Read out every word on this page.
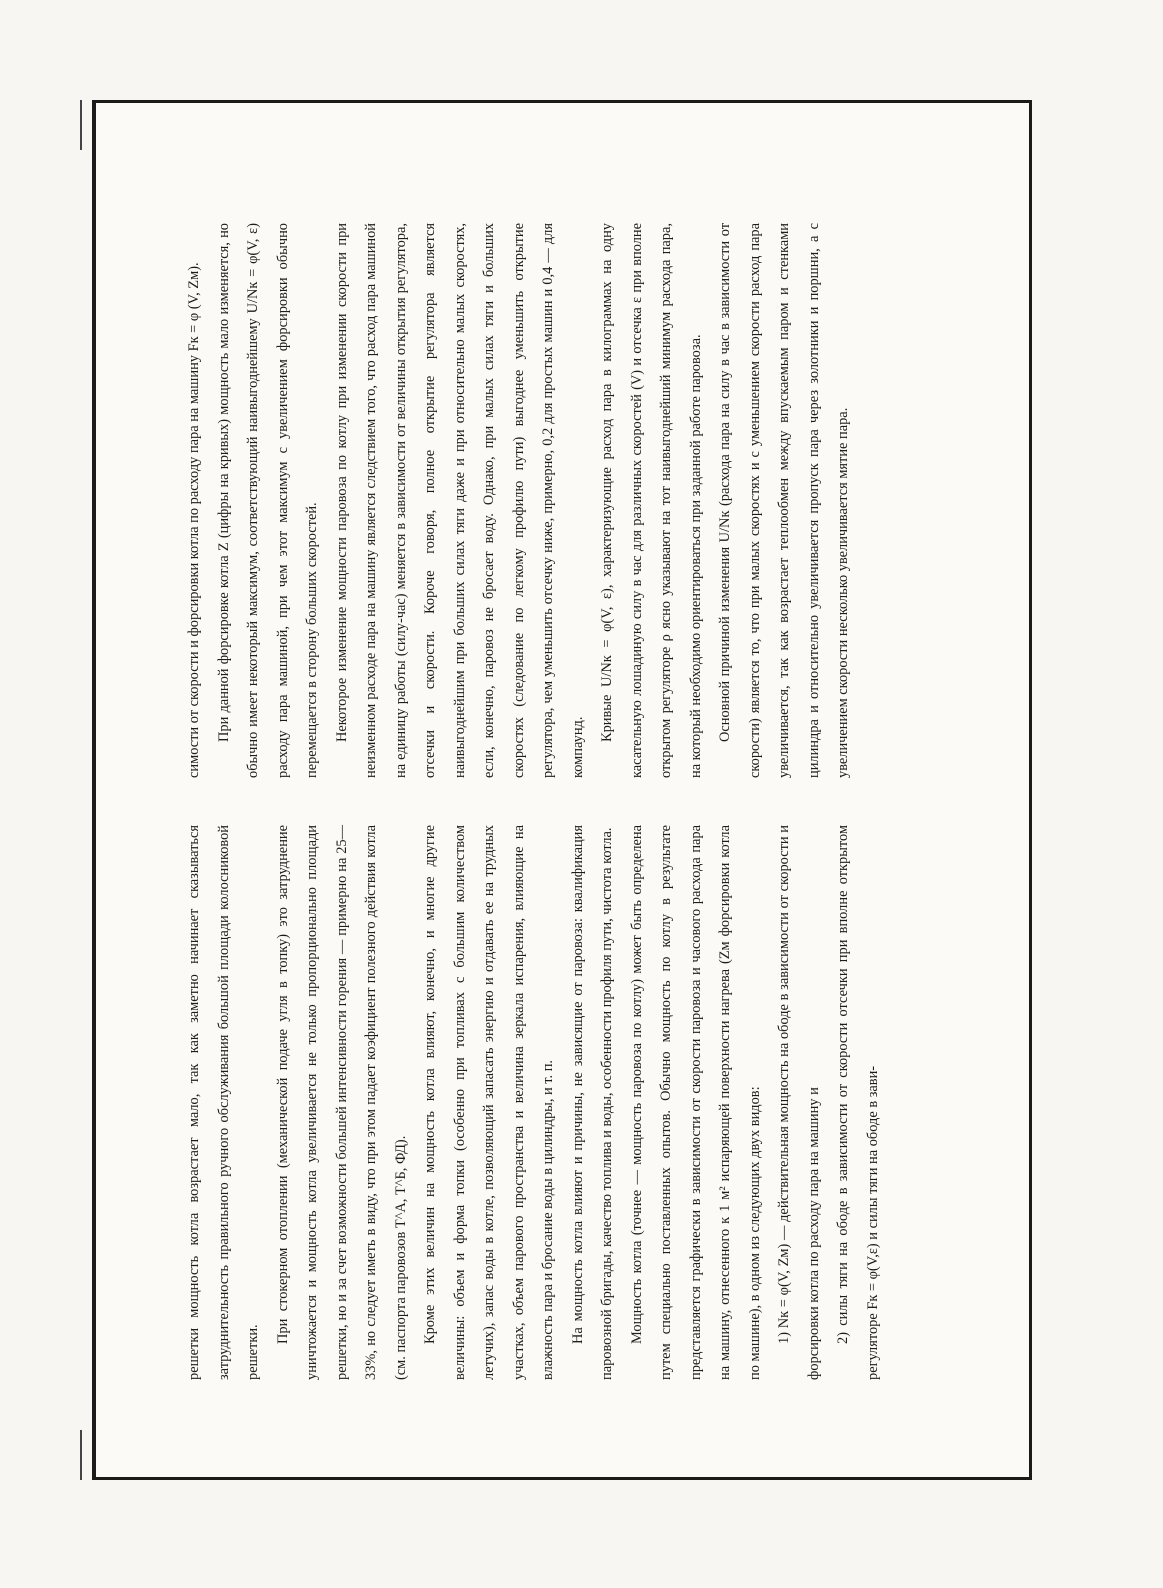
решетки мощность котла возрастает мало, так как заметно начинает сказываться затруднительность правильного ручного обслуживания большой площади колосниковой решетки.

При стокерном отоплении (механической подаче угля в топку) это затруднение уничтожается и мощность котла увеличивается не только пропорционально площади решетки, но и за счет возможности большей интенсивности горения — примерно на 25—33%, но следует иметь в виду, что при этом падает коэфициент полезного действия котла (см. паспорта паровозов Т^А, Т^Б, ФД). Кроме этих величин на мощность котла влияют, конечно, и многие другие величины: объем и форма топки (особенно при топливах с большим количеством летучих), запас воды в котле, позволяющий запасать энергию и отдавать ее на трудных участках, объем парового пространства и величина зеркала испарения, влияющие на влажность пара и бросание воды в цилиндры, и т. п. На мощность котла влияют и причины, не зависящие от паровоза: квалификация паровозной бригады, качество топлива и воды, особенности профиля пути, чистота котла. Мощность котла (точнее — мощность паровоза по котлу) может быть определена путем специально поставленных опытов. Обычно мощность по котлу в результате представляется графически в зависимости от скорости паровоза и часового расхода пара на машину, отнесенного к 1 м² испаряющей поверхности нагрева (Zм форсировки котла по машине), в одном из следующих двух видов: 1) Nк = φ(V, Zм) — действительная мощность на ободе в зависимости от скорости и форсировки котла по расходу пара на машину и 2) силы тяги на ободе в зависимости от скорости отсечки при вполне открытом регуляторе Fк = φ(V,ε) и силы тяги на ободе в зави-

симости от скорости и форсировки котла по расходу пара на машину Fк = φ (V, Zм). При данной форсировке котла Z (цифры на кривых) мощность мало изменяется, но обычно имеет некоторый максимум, соответствующий наивыгоднейшему U/Nк = φ(V, ε) расходу пара машиной, при чем этот максимум с увеличением форсировки обычно перемещается в сторону больших скоростей. Некоторое изменение мощности паровоза по котлу при изменении скорости при неизменном расходе пара на машину является следствием того, что расход пара машиной на единицу работы (силу-час) меняется в зависимости от величины открытия регулятора, отсечки и скорости. Короче говоря, полное открытие регулятора является наивыгоднейшим при больших силах тяги даже и при относительно малых скоростях, если, конечно, паровоз не бросает воду. Однако, при малых силах тяги и больших скоростях (следование по легкому профилю пути) выгоднее уменьшить открытие регулятора, чем уменьшить отсечку ниже, примерно, 0,2 для простых машин и 0,4 — для компаунд.

Кривые U/Nк = φ(V, ε), характеризующие расход пара в килограммах на одну касательную лошадиную силу в час для различных скоростей (V) и отсечка ε при вполне открытом регуляторе ρ ясно указывают на тот наивыгоднейший минимум расхода пара, на который необходимо ориентироваться при заданной работе паровоза. Основной причиной изменения U/Nк (расхода пара на силу в час в зависимости от скорости) является то, что при малых скоростях и с уменьшением скорости расход пара увеличивается, так как возрастает теплообмен между впускаемым паром и стенками цилиндра и относительно увеличивается пропуск пара через золотники и поршни, а с увеличением скорости несколько увеличивается мятие пара.
